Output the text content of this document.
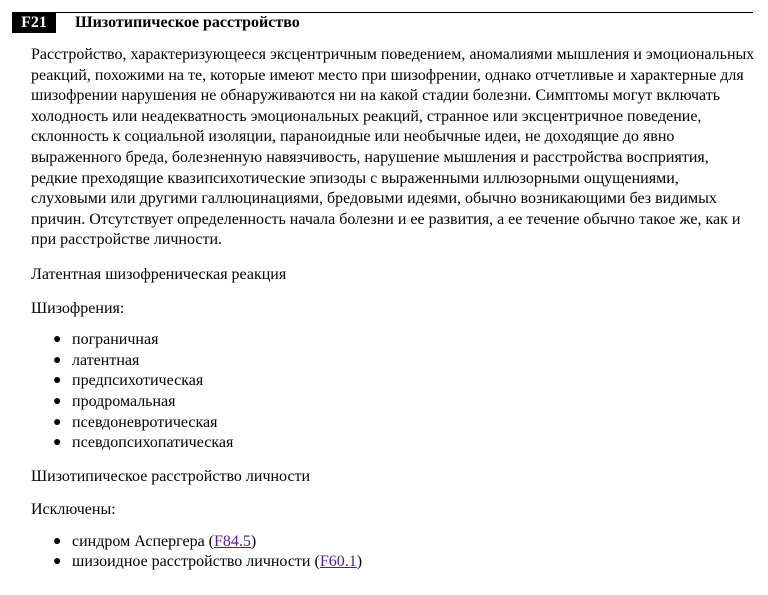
F21	Шизотипическое расстройство

Расстройство, характеризующееся эксцентричным поведением, аномалиями мышления и эмоциональных реакций, похожими на те, которые имеют место при шизофрении, однако отчетливые и характерные для шизофрении нарушения не обнаруживаются ни на какой стадии болезни. Симптомы могут включать холодность или неадекватность эмоциональных реакций, странное или эксцентричное поведение, склонность к социальной изоляции, параноидные или необычные идеи, не доходящие до явно выраженного бреда, болезненную навязчивость, нарушение мышления и расстройства восприятия, редкие преходящие квазипсихотические эпизоды с выраженными иллюзорными ощущениями, слуховыми или другими галлюцинациями, бредовыми идеями, обычно возникающими без видимых причин. Отсутствует определенность начала болезни и ее развития, а ее течение обычно такое же, как и при расстройстве личности.

Латентная шизофреническая реакция

Шизофрения:

● пограничная
● латентная
● предпсихотическая
● продромальная
● псевдоневротическая
● псевдопсихопатическая

Шизотипическое расстройство личности

Исключены:

● синдром Аспергера (F84.5)
● шизоидное расстройство личности (F60.1)
